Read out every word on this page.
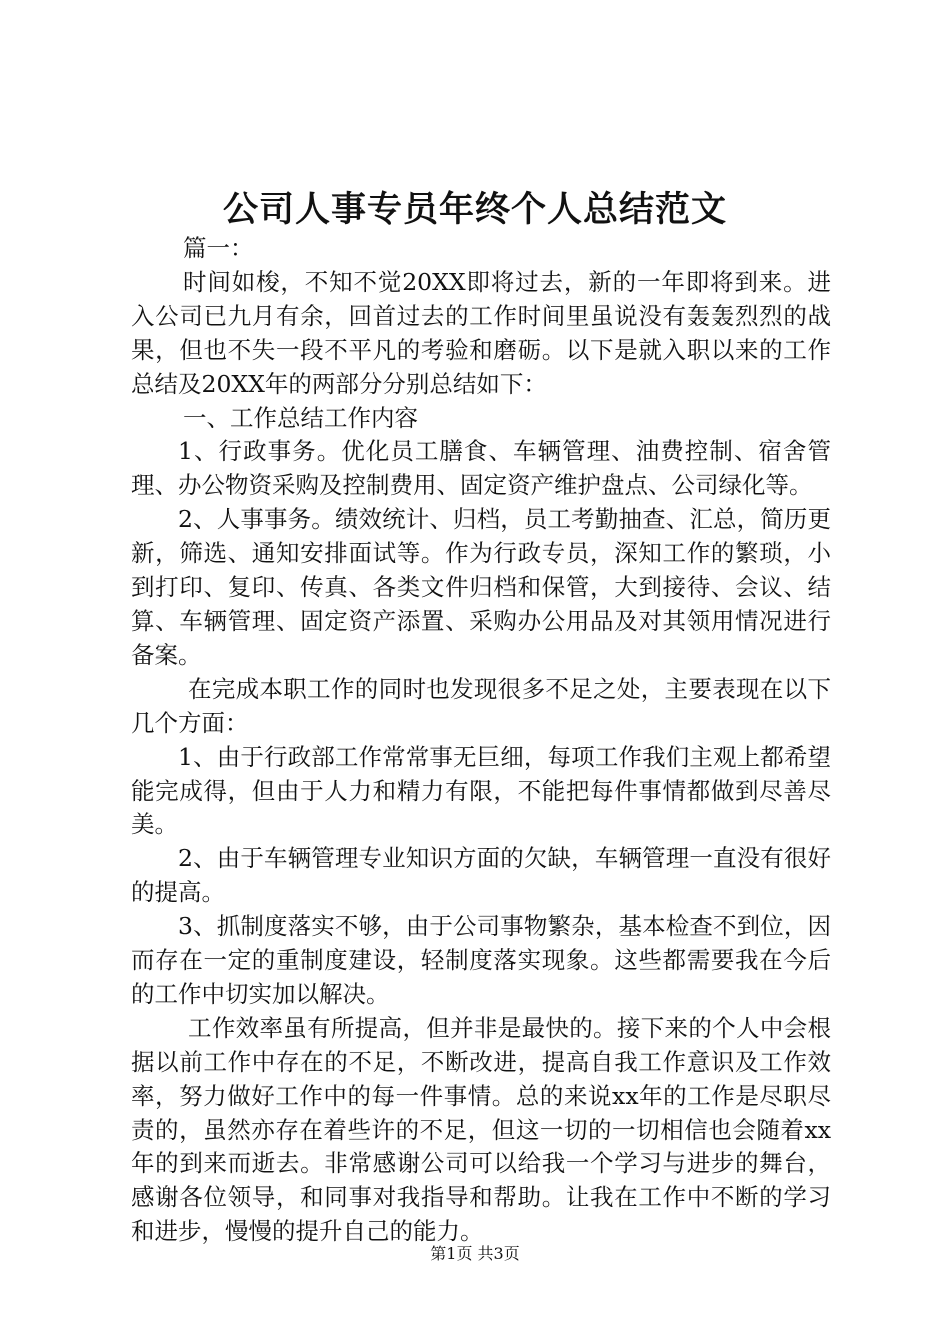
公司人事专员年终个人总结范文

篇一：

时间如梭，不知不觉20XX即将过去，新的一年即将到来。进入公司已九月有余，回首过去的工作时间里虽说没有轰轰烈烈的战果，但也不失一段不平凡的考验和磨砺。以下是就入职以来的工作总结及20XX年的两部分分别总结如下：

一、工作总结工作内容

1、行政事务。优化员工膳食、车辆管理、油费控制、宿舍管理、办公物资采购及控制费用、固定资产维护盘点、公司绿化等。

2、人事事务。绩效统计、归档，员工考勤抽查、汇总，简历更新，筛选、通知安排面试等。作为行政专员，深知工作的繁琐，小到打印、复印、传真、各类文件归档和保管，大到接待、会议、结算、车辆管理、固定资产添置、采购办公用品及对其领用情况进行备案。

在完成本职工作的同时也发现很多不足之处，主要表现在以下几个方面：

1、由于行政部工作常常事无巨细，每项工作我们主观上都希望能完成得，但由于人力和精力有限，不能把每件事情都做到尽善尽美。

2、由于车辆管理专业知识方面的欠缺，车辆管理一直没有很好的提高。

3、抓制度落实不够，由于公司事物繁杂，基本检查不到位，因而存在一定的重制度建设，轻制度落实现象。这些都需要我在今后的工作中切实加以解决。

工作效率虽有所提高，但并非是最快的。接下来的个人中会根据以前工作中存在的不足，不断改进，提高自我工作意识及工作效率，努力做好工作中的每一件事情。总的来说xx年的工作是尽职尽责的，虽然亦存在着些许的不足，但这一切的一切相信也会随着xx年的到来而逝去。非常感谢公司可以给我一个学习与进步的舞台，感谢各位领导，和同事对我指导和帮助。让我在工作中不断的学习和进步，慢慢的提升自己的能力。

第1页 共3页
